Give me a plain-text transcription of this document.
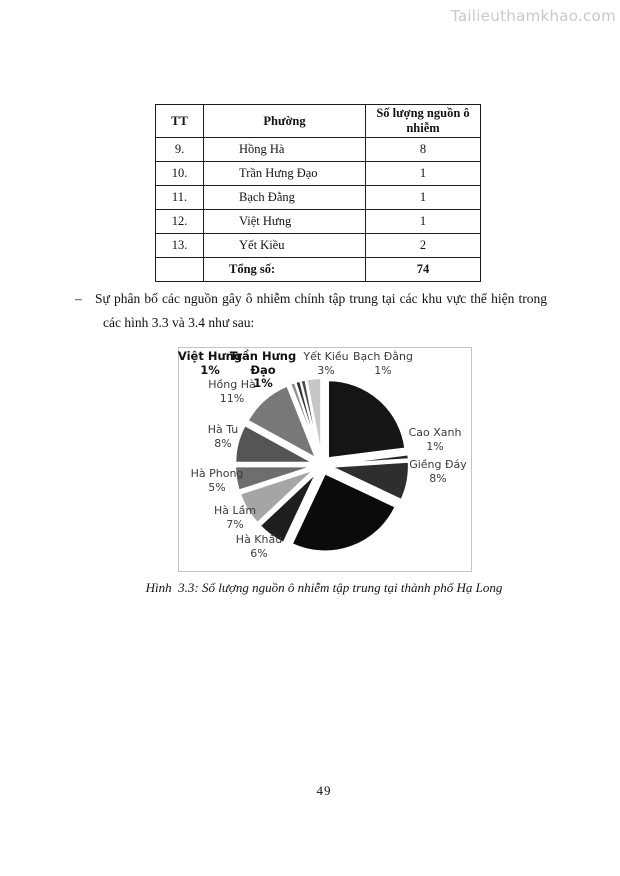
Tailieuthamkhao.com
TT	Phường	Số lượng nguồn ô nhiễm
9.	Hồng Hà	8
10.	Trần Hưng Đạo	1
11.	Bạch Đằng	1
12.	Việt Hưng	1
13.	Yết Kiều	2
	Tổng số:	74
– Sự phân bố các nguồn gây ô nhiễm chính tập trung tại các khu vực thể hiện trong
các hình 3.3 và 3.4 như sau:
Cao Xanh
1%
Giềng Đáy
8%
Hà Khẩu
6%
Hà Lầm
7%
Hà Phong
5%
Hà Tu
8%
Hồng Hà
11%
Trần Hưng
Đạo
1%
Bạch Đằng
1%
Việt Hưng
1%
Yết Kiều
3%
Hình  3.3: Số lượng nguồn ô nhiễm tập trung tại thành phố Hạ Long
49
